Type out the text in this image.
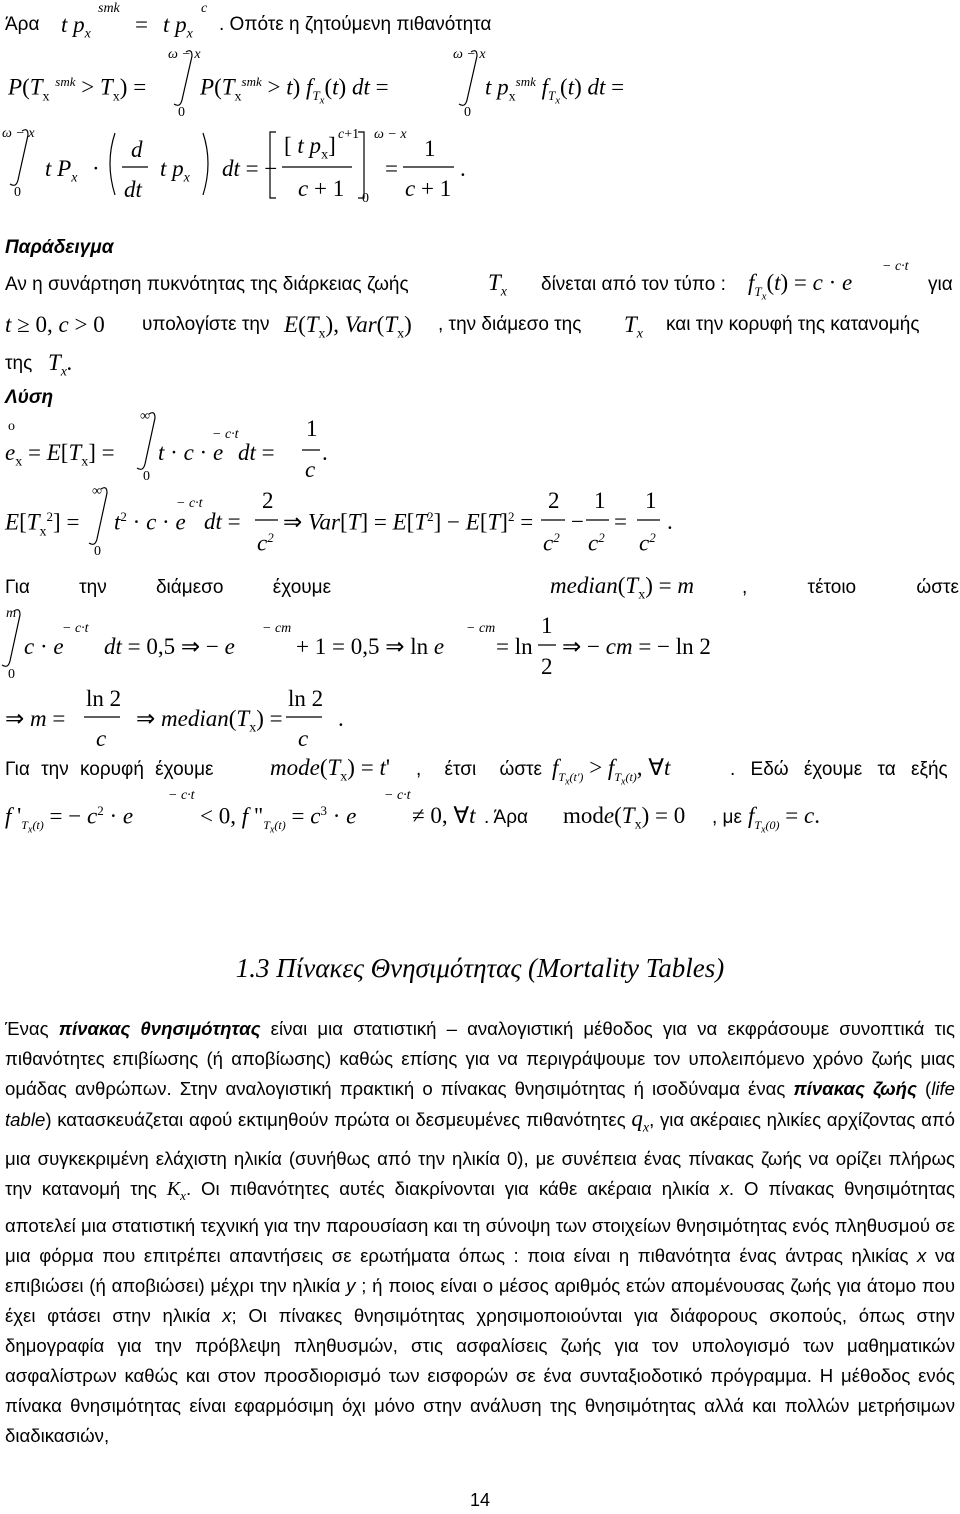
Άρα t $p_x$
smk
= t $p_x$
c
. Οπότε η ζητούμενη πιθανότητα
$P(T_x$ $^{smk} > T_x$) =
ω − x
0
$P(T_x^{smk} > t)$ $f_{T_x}(t)$ dt =
ω − x
0
t $p_x^{smk}$ $f_{T_x}(t)$ dt =
ω − x
0
t $P_x$ ·
d
dt
t $p_x$ dt = −
[ t $p_x$] c+1
c + 1
ω − x
0
=
1
c + 1
.
Παράδειγμα
Αν η συνάρτηση πυκνότητας της διάρκειας ζωής	$T_x$ δίνεται από τον τύπο : $f_{T_x}(t) = c \cdot e$
− c·t
για
t ≥ 0, c > 0 υπολογίστε την $E(T_x)$, $Var(T_x)$ , την διάμεσο της $T_x$ και την κορυφή της κατανομής
της $T_x$.
Λύση
o
$e_x = E[T_x]$ =
∞
0
t · c · e
− c·t
dt =
1
c
.
$E[T_x^2]$ =
∞
0
$t^2 \cdot c \cdot e$
− c·t
dt =
2
$c^2$
⇒ $Var[T] = E[T^2] - E[T]^2$ =
2
$c^2$
−
1
$c^2$
=
1
$c^2$
.
Για την διάμεσο έχουμε	$median(T_x) = m$	, τέτοιο ώστε
m
0
c · e
− c·t
dt = 0,5 ⇒ − e
− cm
+ 1 = 0,5 ⇒ ln e
− cm
= ln
1
2
⇒ − cm = − ln 2
⇒ m =
ln 2
c
⇒ $median(T_x)$ =
ln 2
c
.
Για την κορυφή έχουμε $mode(T_x) = t'$ , έτσι ώστε $f_{T_x(t')} > f_{T_x(t)}$, ∀t	. Εδώ έχουμε τα εξής
f '$_{T_x(t)}$ = − $c^2 \cdot e$
− c·t
< 0, f "$_{T_x(t)} = c^3 \cdot e$
− c·t
≠ 0, ∀t . Άρα $mode(T_x) = 0$ , με $f_{T_x(0)} = c$.
1.3 Πίνακες Θνησιμότητας (Mortality Tables)
Ένας πίνακας θνησιμότητας είναι μια στατιστική – αναλογιστική μέθοδος για να εκφράσουμε συνοπτικά τις πιθανότητες επιβίωσης (ή αποβίωσης) καθώς επίσης για να περιγράψουμε τον υπολειπόμενο χρόνο ζωής μιας ομάδας ανθρώπων. Στην αναλογιστική πρακτική ο πίνακας θνησιμότητας ή ισοδύναμα ένας πίνακας ζωής (life table) κατασκευάζεται αφού εκτιμηθούν πρώτα οι δεσμευμένες πιθανότητες $q_x$, για ακέραιες ηλικίες αρχίζοντας από μια συγκεκριμένη ελάχιστη ηλικία (συνήθως από την ηλικία 0), με συνέπεια ένας πίνακας ζωής να ορίζει πλήρως την κατανομή της $K_x$. Οι πιθανότητες αυτές διακρίνονται για κάθε ακέραια ηλικία x. Ο πίνακας θνησιμότητας αποτελεί μια στατιστική τεχνική για την παρουσίαση και τη σύνοψη των στοιχείων θνησιμότητας ενός πληθυσμού σε μια φόρμα που επιτρέπει απαντήσεις σε ερωτήματα όπως : ποια είναι η πιθανότητα ένας άντρας ηλικίας x να επιβιώσει (ή αποβιώσει) μέχρι την ηλικία y ; ή ποιος είναι ο μέσος αριθμός ετών απομένουσας ζωής για άτομο που έχει φτάσει στην ηλικία x; Οι πίνακες θνησιμότητας χρησιμοποιούνται για διάφορους σκοπούς, όπως στην δημογραφία για την πρόβλεψη πληθυσμών, στις ασφαλίσεις ζωής για τον υπολογισμό των μαθηματικών ασφαλίστρων καθώς και στον προσδιορισμό των εισφορών σε ένα συνταξιοδοτικό πρόγραμμα. Η μέθοδος ενός πίνακα θνησιμότητας είναι εφαρμόσιμη όχι μόνο στην ανάλυση της θνησιμότητας αλλά και πολλών μετρήσιμων διαδικασιών,
14
